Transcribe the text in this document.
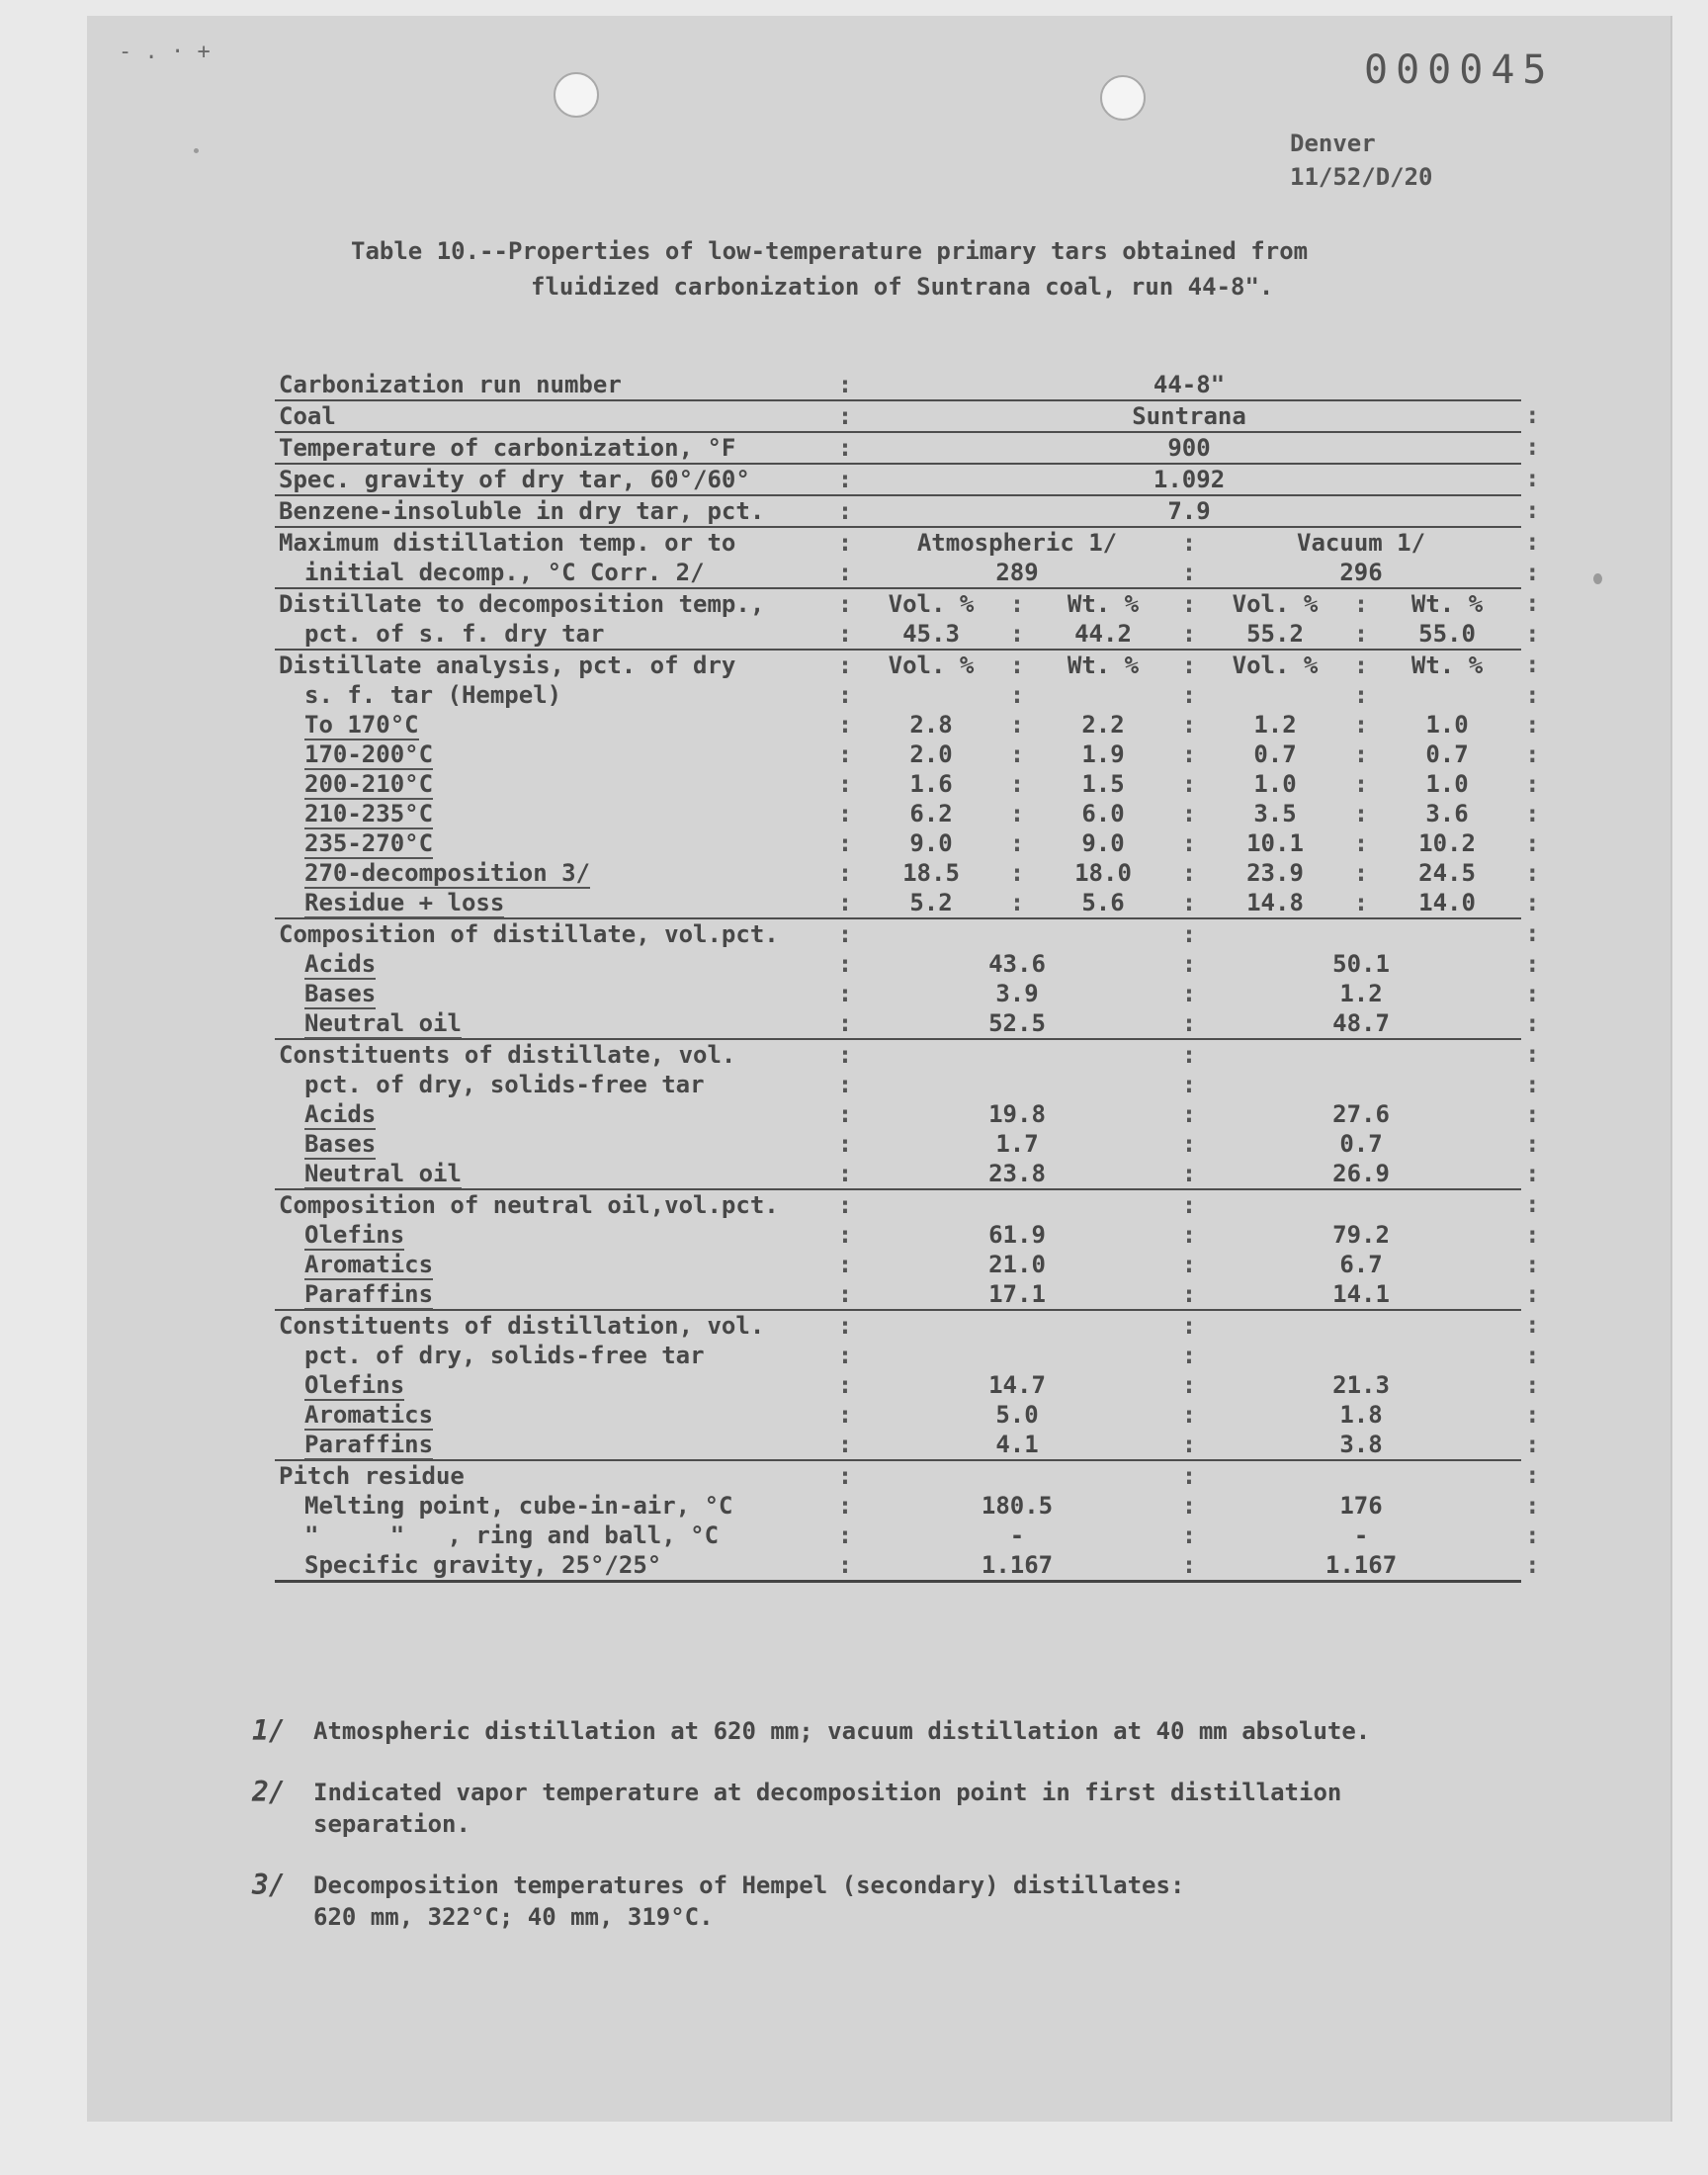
- . · +	000045
Denver
11/52/D/20
Table 10.--Properties of low-temperature primary tars obtained from
fluidized carbonization of Suntrana coal, run 44-8".
Carbonization run number	:	44-8"							
Coal	:	Suntrana							:
Temperature of carbonization, °F	:	900							:
Spec. gravity of dry tar, 60°/60°	:	1.092							:
Benzene-insoluble in dry tar, pct.	:	7.9							:
Maximum distillation temp. or to	:	Atmospheric 1/			:	Vacuum 1/			:
initial decomp., °C Corr. 2/	:	289			:	296			:
Distillate to decomposition temp.,	:	Vol. %	:	Wt. %	:	Vol. %	:	Wt. %	:
pct. of s. f. dry tar	:	45.3	:	44.2	:	55.2	:	55.0	:
Distillate analysis, pct. of dry	:	Vol. %	:	Wt. %	:	Vol. %	:	Wt. %	:
s. f. tar (Hempel)	:		:		:		:		:
To 170°C	:	2.8	:	2.2	:	1.2	:	1.0	:
170-200°C	:	2.0	:	1.9	:	0.7	:	0.7	:
200-210°C	:	1.6	:	1.5	:	1.0	:	1.0	:
210-235°C	:	6.2	:	6.0	:	3.5	:	3.6	:
235-270°C	:	9.0	:	9.0	:	10.1	:	10.2	:
270-decomposition 3/	:	18.5	:	18.0	:	23.9	:	24.5	:
Residue + loss	:	5.2	:	5.6	:	14.8	:	14.0	:
Composition of distillate, vol.pct.	:				:				:
Acids	:	43.6			:	50.1			:
Bases	:	3.9			:	1.2			:
Neutral oil	:	52.5			:	48.7			:
Constituents of distillate, vol.	:				:				:
pct. of dry, solids-free tar	:				:				:
Acids	:	19.8			:	27.6			:
Bases	:	1.7			:	0.7			:
Neutral oil	:	23.8			:	26.9			:
Composition of neutral oil,vol.pct.	:				:				:
Olefins	:	61.9			:	79.2			:
Aromatics	:	21.0			:	6.7			:
Paraffins	:	17.1			:	14.1			:
Constituents of distillation, vol.	:				:				:
pct. of dry, solids-free tar	:				:				:
Olefins	:	14.7			:	21.3			:
Aromatics	:	5.0			:	1.8			:
Paraffins	:	4.1			:	3.8			:
Pitch residue	:				:				:
Melting point, cube-in-air, °C	:	180.5			:	176			:
"     "   , ring and ball, °C	:	-			:	-			:
Specific gravity, 25°/25°	:	1.167			:	1.167			:
1/	Atmospheric distillation at 620 mm; vacuum distillation at 40 mm absolute.
2/	Indicated vapor temperature at decomposition point in first distillation
separation.
3/	Decomposition temperatures of Hempel (secondary) distillates:
620 mm, 322°C; 40 mm, 319°C.
